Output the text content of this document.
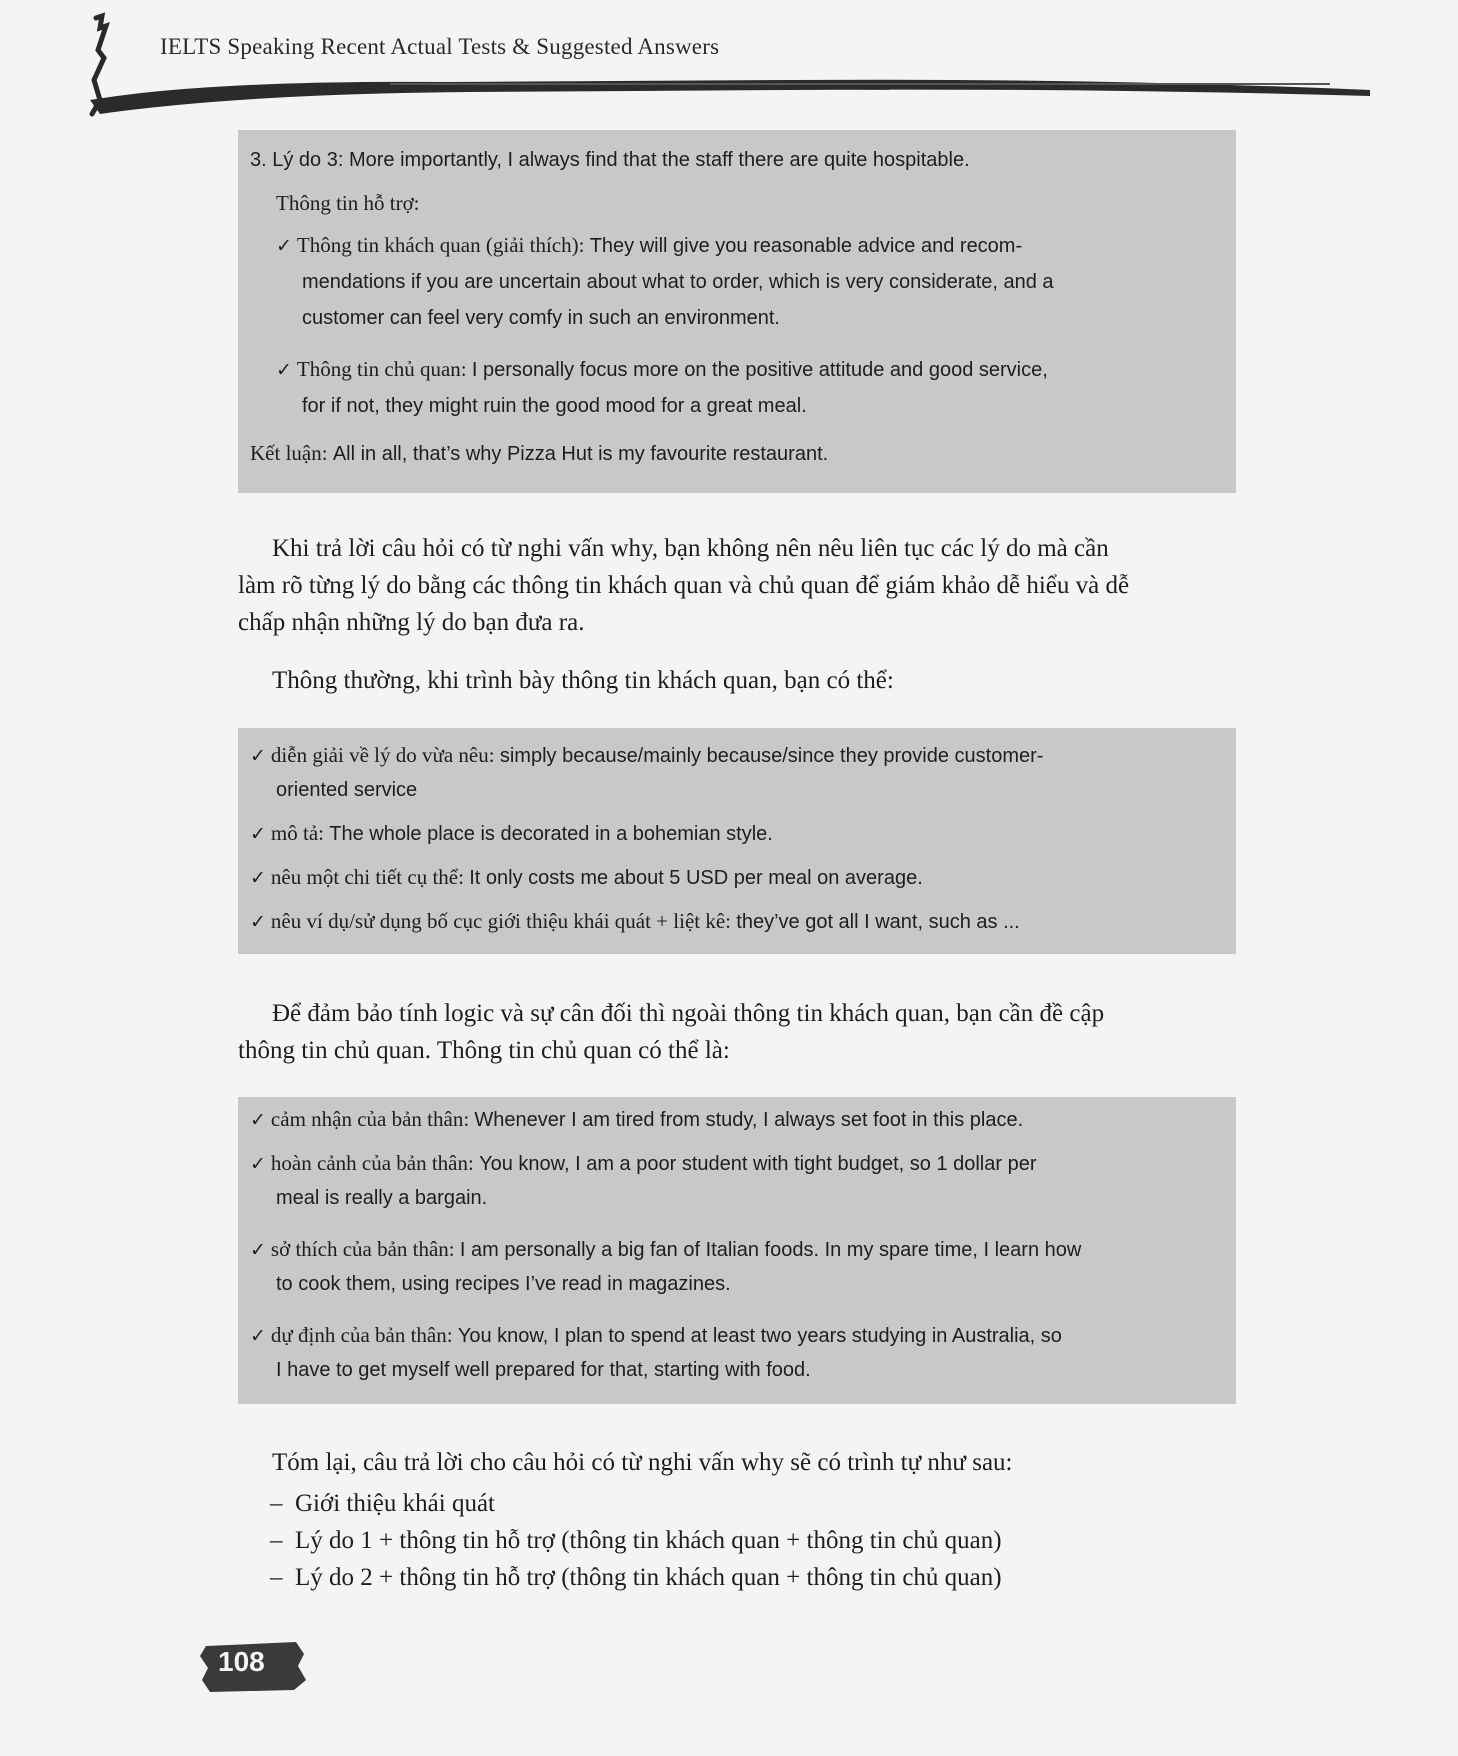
IELTS Speaking Recent Actual Tests & Suggested Answers
3. Lý do 3: More importantly, I always find that the staff there are quite hospitable.
Thông tin hỗ trợ:
✓ Thông tin khách quan (giải thích): They will give you reasonable advice and recom-
mendations if you are uncertain about what to order, which is very considerate, and a
customer can feel very comfy in such an environment.
✓ Thông tin chủ quan: I personally focus more on the positive attitude and good service,
for if not, they might ruin the good mood for a great meal.
Kết luận: All in all, that’s why Pizza Hut is my favourite restaurant.
Khi trả lời câu hỏi có từ nghi vấn why, bạn không nên nêu liên tục các lý do mà cần
làm rõ từng lý do bằng các thông tin khách quan và chủ quan để giám khảo dễ hiểu và dễ
chấp nhận những lý do bạn đưa ra.
Thông thường, khi trình bày thông tin khách quan, bạn có thể:
✓ diễn giải về lý do vừa nêu: simply because/mainly because/since they provide customer-
oriented service
✓ mô tả: The whole place is decorated in a bohemian style.
✓ nêu một chi tiết cụ thể: It only costs me about 5 USD per meal on average.
✓ nêu ví dụ/sử dụng bố cục giới thiệu khái quát + liệt kê: they’ve got all I want, such as ...
Để đảm bảo tính logic và sự cân đối thì ngoài thông tin khách quan, bạn cần đề cập
thông tin chủ quan. Thông tin chủ quan có thể là:
✓ cảm nhận của bản thân: Whenever I am tired from study, I always set foot in this place.
✓ hoàn cảnh của bản thân: You know, I am a poor student with tight budget, so 1 dollar per
meal is really a bargain.
✓ sở thích của bản thân: I am personally a big fan of Italian foods. In my spare time, I learn how
to cook them, using recipes I’ve read in magazines.
✓ dự định của bản thân: You know, I plan to spend at least two years studying in Australia, so
I have to get myself well prepared for that, starting with food.
Tóm lại, câu trả lời cho câu hỏi có từ nghi vấn why sẽ có trình tự như sau:
– Giới thiệu khái quát
– Lý do 1 + thông tin hỗ trợ (thông tin khách quan + thông tin chủ quan)
– Lý do 2 + thông tin hỗ trợ (thông tin khách quan + thông tin chủ quan)
108
